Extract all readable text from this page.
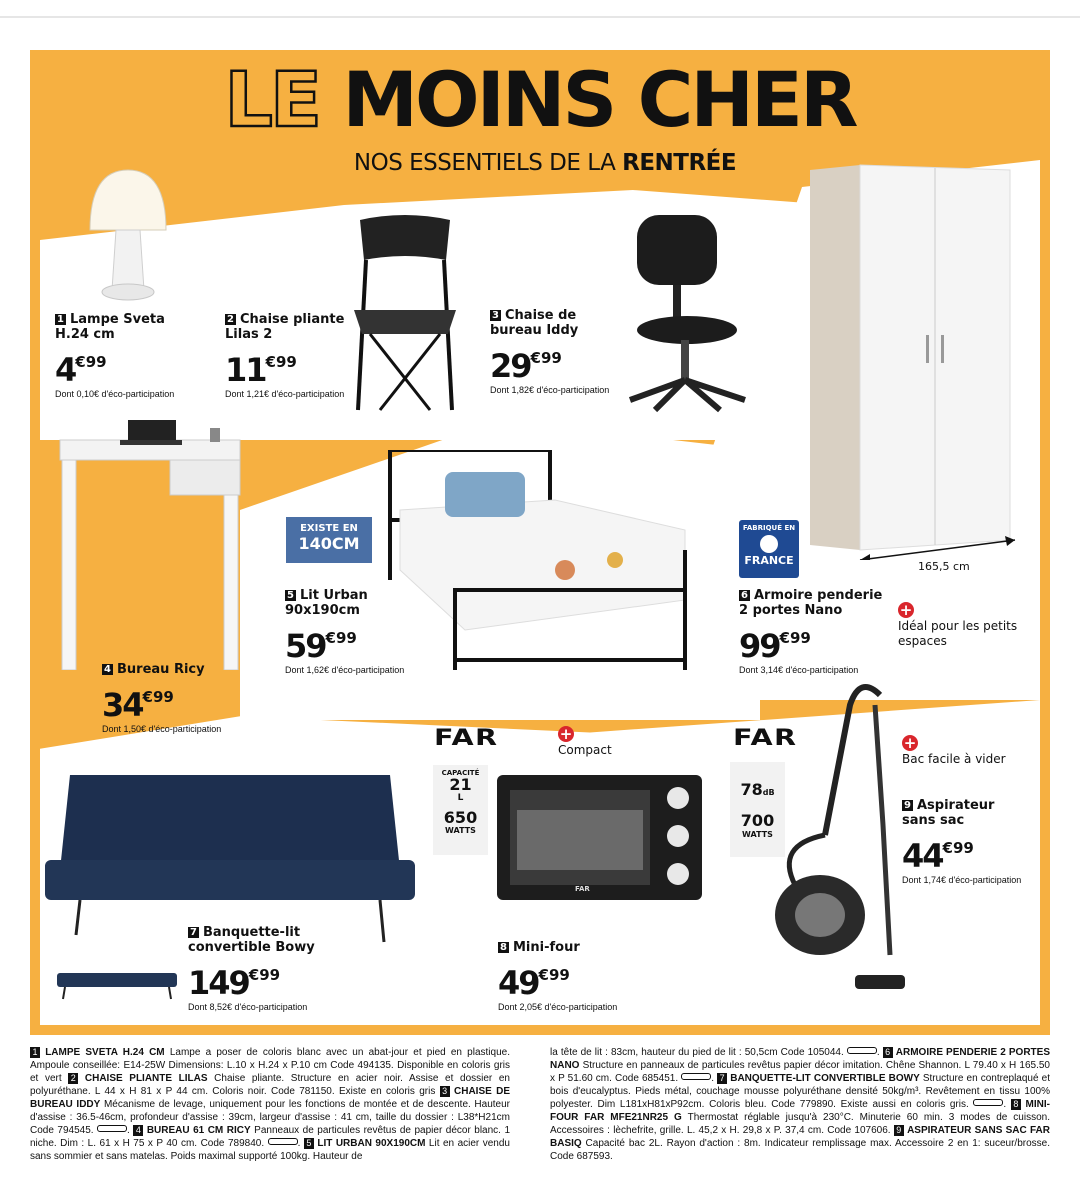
LE MOINS CHER
NOS ESSENTIELS DE LA RENTRÉE
165,5 cm
FAR
1 Lampe Sveta H.24 cm
$4^{€99}$
Dont 0,10€ d'éco-participation
2 Chaise pliante Lilas 2
$11^{€99}$
Dont 1,21€ d'éco-participation
3 Chaise de bureau Iddy
$29^{€99}$
Dont 1,82€ d'éco-participation
4 Bureau Ricy
$34^{€99}$
Dont 1,50€ d'éco-participation
EXISTE EN
140CM
5 Lit Urban 90x190cm
$59^{€99}$
Dont 1,62€ d'éco-participation
FABRIQUÉ EN
FRANCE
6 Armoire penderie 2 portes Nano
$99^{€99}$
Dont 3,14€ d'éco-participation
+
Idéal pour les petits espaces
FAR	+
Compact
CAPACITÉ
21
L
650
WATTS
8 Mini-four
$49^{€99}$
Dont 2,05€ d'éco-participation
FAR
78dB
700
WATTS
+
Bac facile à vider
9 Aspirateur sans sac
$44^{€99}$
Dont 1,74€ d'éco-participation
7 Banquette-lit convertible Bowy
$149^{€99}$
Dont 8,52€ d'éco-participation
1 LAMPE SVETA H.24 CM Lampe a poser de coloris blanc avec un abat-jour et pied en plastique. Ampoule conseillée: E14-25W Dimensions: L.10 x H.24 x P.10 cm Code 494135. Disponible en coloris gris et vert 2 CHAISE PLIANTE LILAS Chaise pliante. Structure en acier noir. Assise et dossier en polyuréthane. L 44 x H 81 x P 44 cm. Coloris noir. Code 781150. Existe en coloris gris 3 CHAISE DE BUREAU IDDY Mécanisme de levage, uniquement pour les fonctions de montée et de descente. Hauteur d'assise : 36.5-46cm, profondeur d'assise : 39cm, largeur d'assise : 41 cm, taille du dossier : L38*H21cm Code 794545.	. 4 BUREAU 61 CM RICY Panneaux de particules revêtus de papier décor blanc. 1 niche. Dim : L. 61 x H 75 x P 40 cm. Code 789840.	. 5 LIT URBAN 90X190CM Lit en acier vendu sans sommier et sans matelas. Poids maximal supporté 100kg. Hauteur de
la tête de lit : 83cm, hauteur du pied de lit : 50,5cm Code 105044.	. 6 ARMOIRE PENDERIE 2 PORTES NANO Structure en panneaux de particules revêtus papier décor imitation. Chêne Shannon. L 79.40 x H 165.50 x P 51.60 cm. Code 685451.	. 7 BANQUETTE-LIT CONVERTIBLE BOWY Structure en contreplaqué et bois d'eucalyptus. Pieds métal, couchage mousse polyuréthane densité 50kg/m³. Revêtement en tissu 100% polyester. Dim L181xH81xP92cm. Coloris bleu. Code 779890. Existe aussi en coloris gris.	. 8 MINI-FOUR FAR MFE21NR25 G Thermostat réglable jusqu'à 230°C. Minuterie 60 min. 3 modes de cuisson. Accessoires : lèchefrite, grille. L. 45,2 x H. 29,8 x P. 37,4 cm. Code 107606. 9 ASPIRATEUR SANS SAC FAR BASIQ Capacité bac 2L. Rayon d'action : 8m. Indicateur remplissage max. Accessoire 2 en 1: suceur/brosse. Code 687593.
